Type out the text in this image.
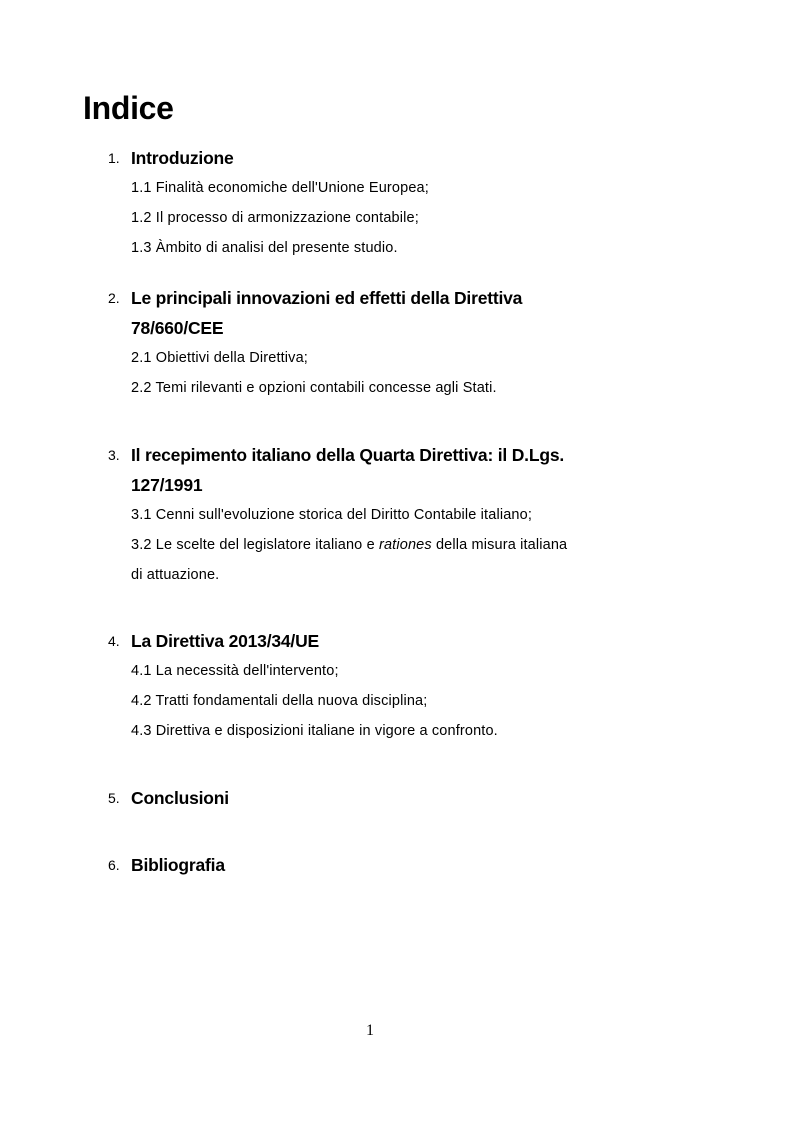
Indice
1. Introduzione
1.1 Finalità economiche dell'Unione Europea;
1.2 Il processo di armonizzazione contabile;
1.3 Àmbito di analisi del presente studio.
2. Le principali innovazioni ed effetti della Direttiva
78/660/CEE
2.1 Obiettivi della Direttiva;
2.2 Temi rilevanti e opzioni contabili concesse agli Stati.
3. Il recepimento italiano della Quarta Direttiva: il D.Lgs.
127/1991
3.1 Cenni sull'evoluzione storica del Diritto Contabile italiano;
3.2 Le scelte del legislatore italiano e rationes della misura italiana
di attuazione.
4. La Direttiva 2013/34/UE
4.1 La necessità dell'intervento;
4.2 Tratti fondamentali della nuova disciplina;
4.3 Direttiva e disposizioni italiane in vigore a confronto.
5. Conclusioni
6. Bibliografia
1
